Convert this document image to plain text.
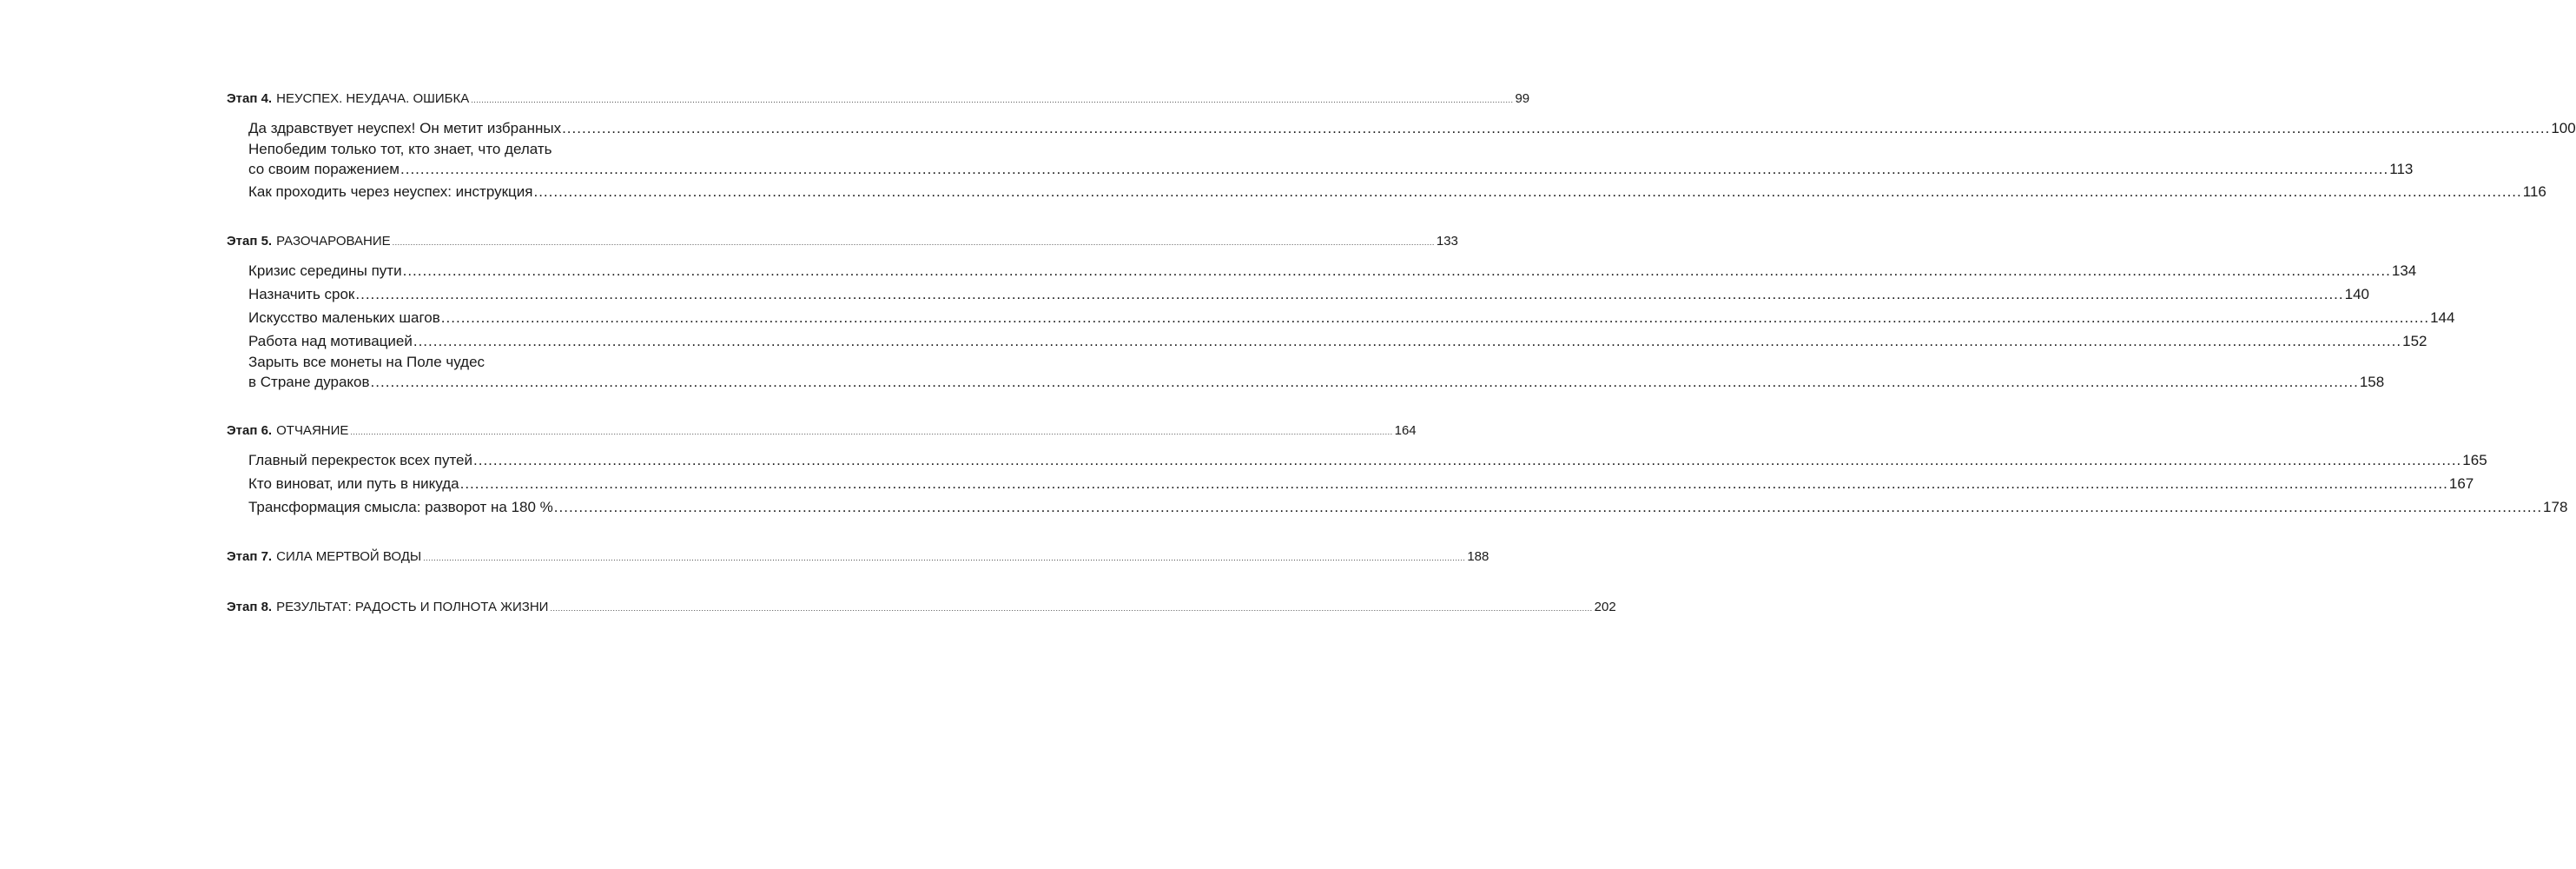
Этап 4. НЕУСПЕХ. НЕУДАЧА. ОШИБКА ................................................................................................................................................................................................................................................................................................................................................................................................................ 99
Да здравствует неуспех! Он метит избранных ................................................................................................................................................................................................................................................................................................................................................................................................................ 100
Непобедим только тот, кто знает, что делать
со своим поражением ................................................................................................................................................................................................................................................................................................................................................................................................................ 113
Как проходить через неуспех: инструкция ................................................................................................................................................................................................................................................................................................................................................................................................................ 116
Этап 5. РАЗОЧАРОВАНИЕ ................................................................................................................................................................................................................................................................................................................................................................................................................ 133
Кризис середины пути ................................................................................................................................................................................................................................................................................................................................................................................................................ 134
Назначить срок ................................................................................................................................................................................................................................................................................................................................................................................................................ 140
Искусство маленьких шагов ................................................................................................................................................................................................................................................................................................................................................................................................................ 144
Работа над мотивацией ................................................................................................................................................................................................................................................................................................................................................................................................................ 152
Зарыть все монеты на Поле чудес
в Стране дураков ................................................................................................................................................................................................................................................................................................................................................................................................................ 158
Этап 6. ОТЧАЯНИЕ ................................................................................................................................................................................................................................................................................................................................................................................................................ 164
Главный перекресток всех путей ................................................................................................................................................................................................................................................................................................................................................................................................................ 165
Кто виноват, или путь в никуда ................................................................................................................................................................................................................................................................................................................................................................................................................ 167
Трансформация смысла: разворот на 180 % ................................................................................................................................................................................................................................................................................................................................................................................................................ 178
Этап 7. СИЛА МЕРТВОЙ ВОДЫ ................................................................................................................................................................................................................................................................................................................................................................................................................ 188
Этап 8. РЕЗУЛЬТАТ: РАДОСТЬ И ПОЛНОТА ЖИЗНИ ................................................................................................................................................................................................................................................................................................................................................................................................................ 202
